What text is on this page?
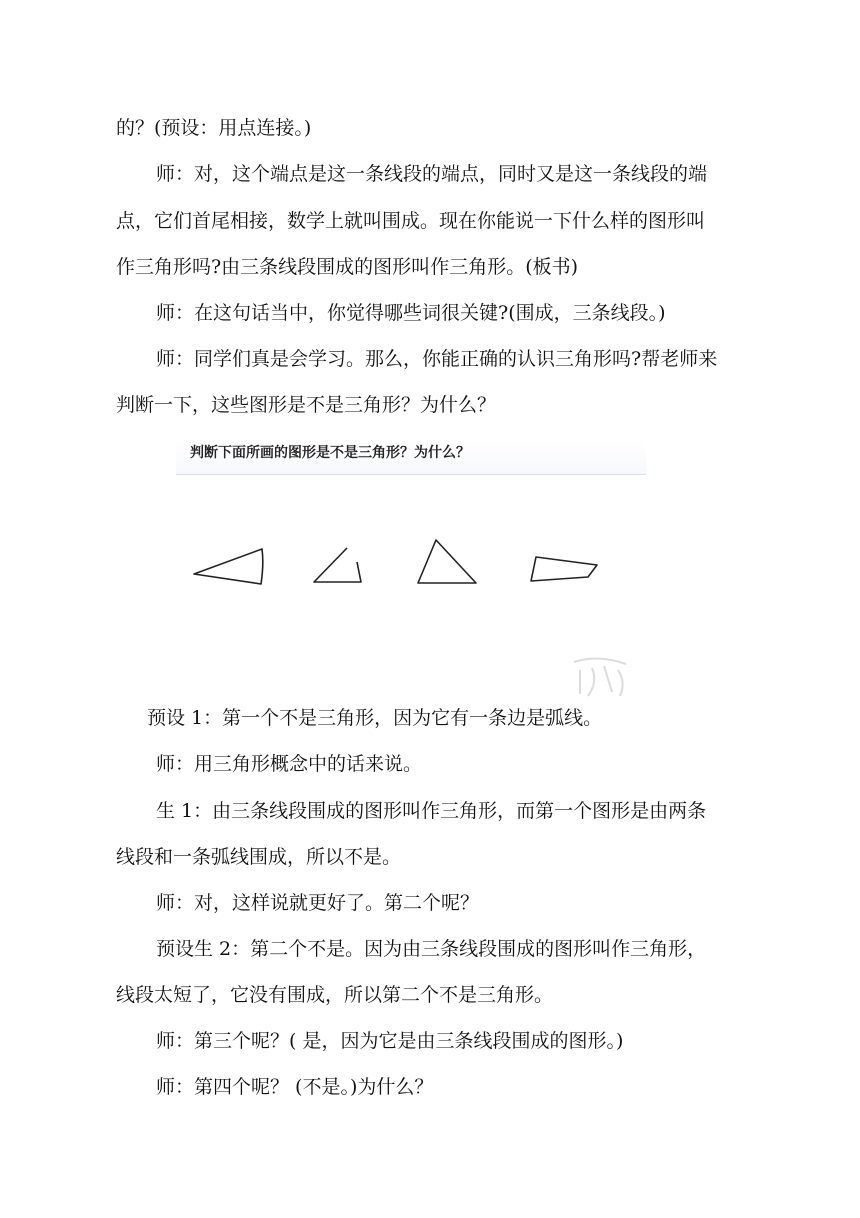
的？(预设：用点连接。)
师：对，这个端点是这一条线段的端点，同时又是这一条线段的端
点，它们首尾相接，数学上就叫围成。现在你能说一下什么样的图形叫
作三角形吗?由三条线段围成的图形叫作三角形。(板书)
师：在这句话当中，你觉得哪些词很关键?(围成，三条线段。)
师：同学们真是会学习。那么，你能正确的认识三角形吗?帮老师来
判断一下，这些图形是不是三角形？为什么？
判断下面所画的图形是不是三角形？为什么？
预设 1：第一个不是三角形，因为它有一条边是弧线。
师：用三角形概念中的话来说。
生 1：由三条线段围成的图形叫作三角形，而第一个图形是由两条
线段和一条弧线围成，所以不是。
师：对，这样说就更好了。第二个呢？
预设生 2：第二个不是。因为由三条线段围成的图形叫作三角形，
线段太短了，它没有围成，所以第二个不是三角形。
师：第三个呢？( 是，因为它是由三条线段围成的图形。)
师：第四个呢？ (不是。)为什么？
